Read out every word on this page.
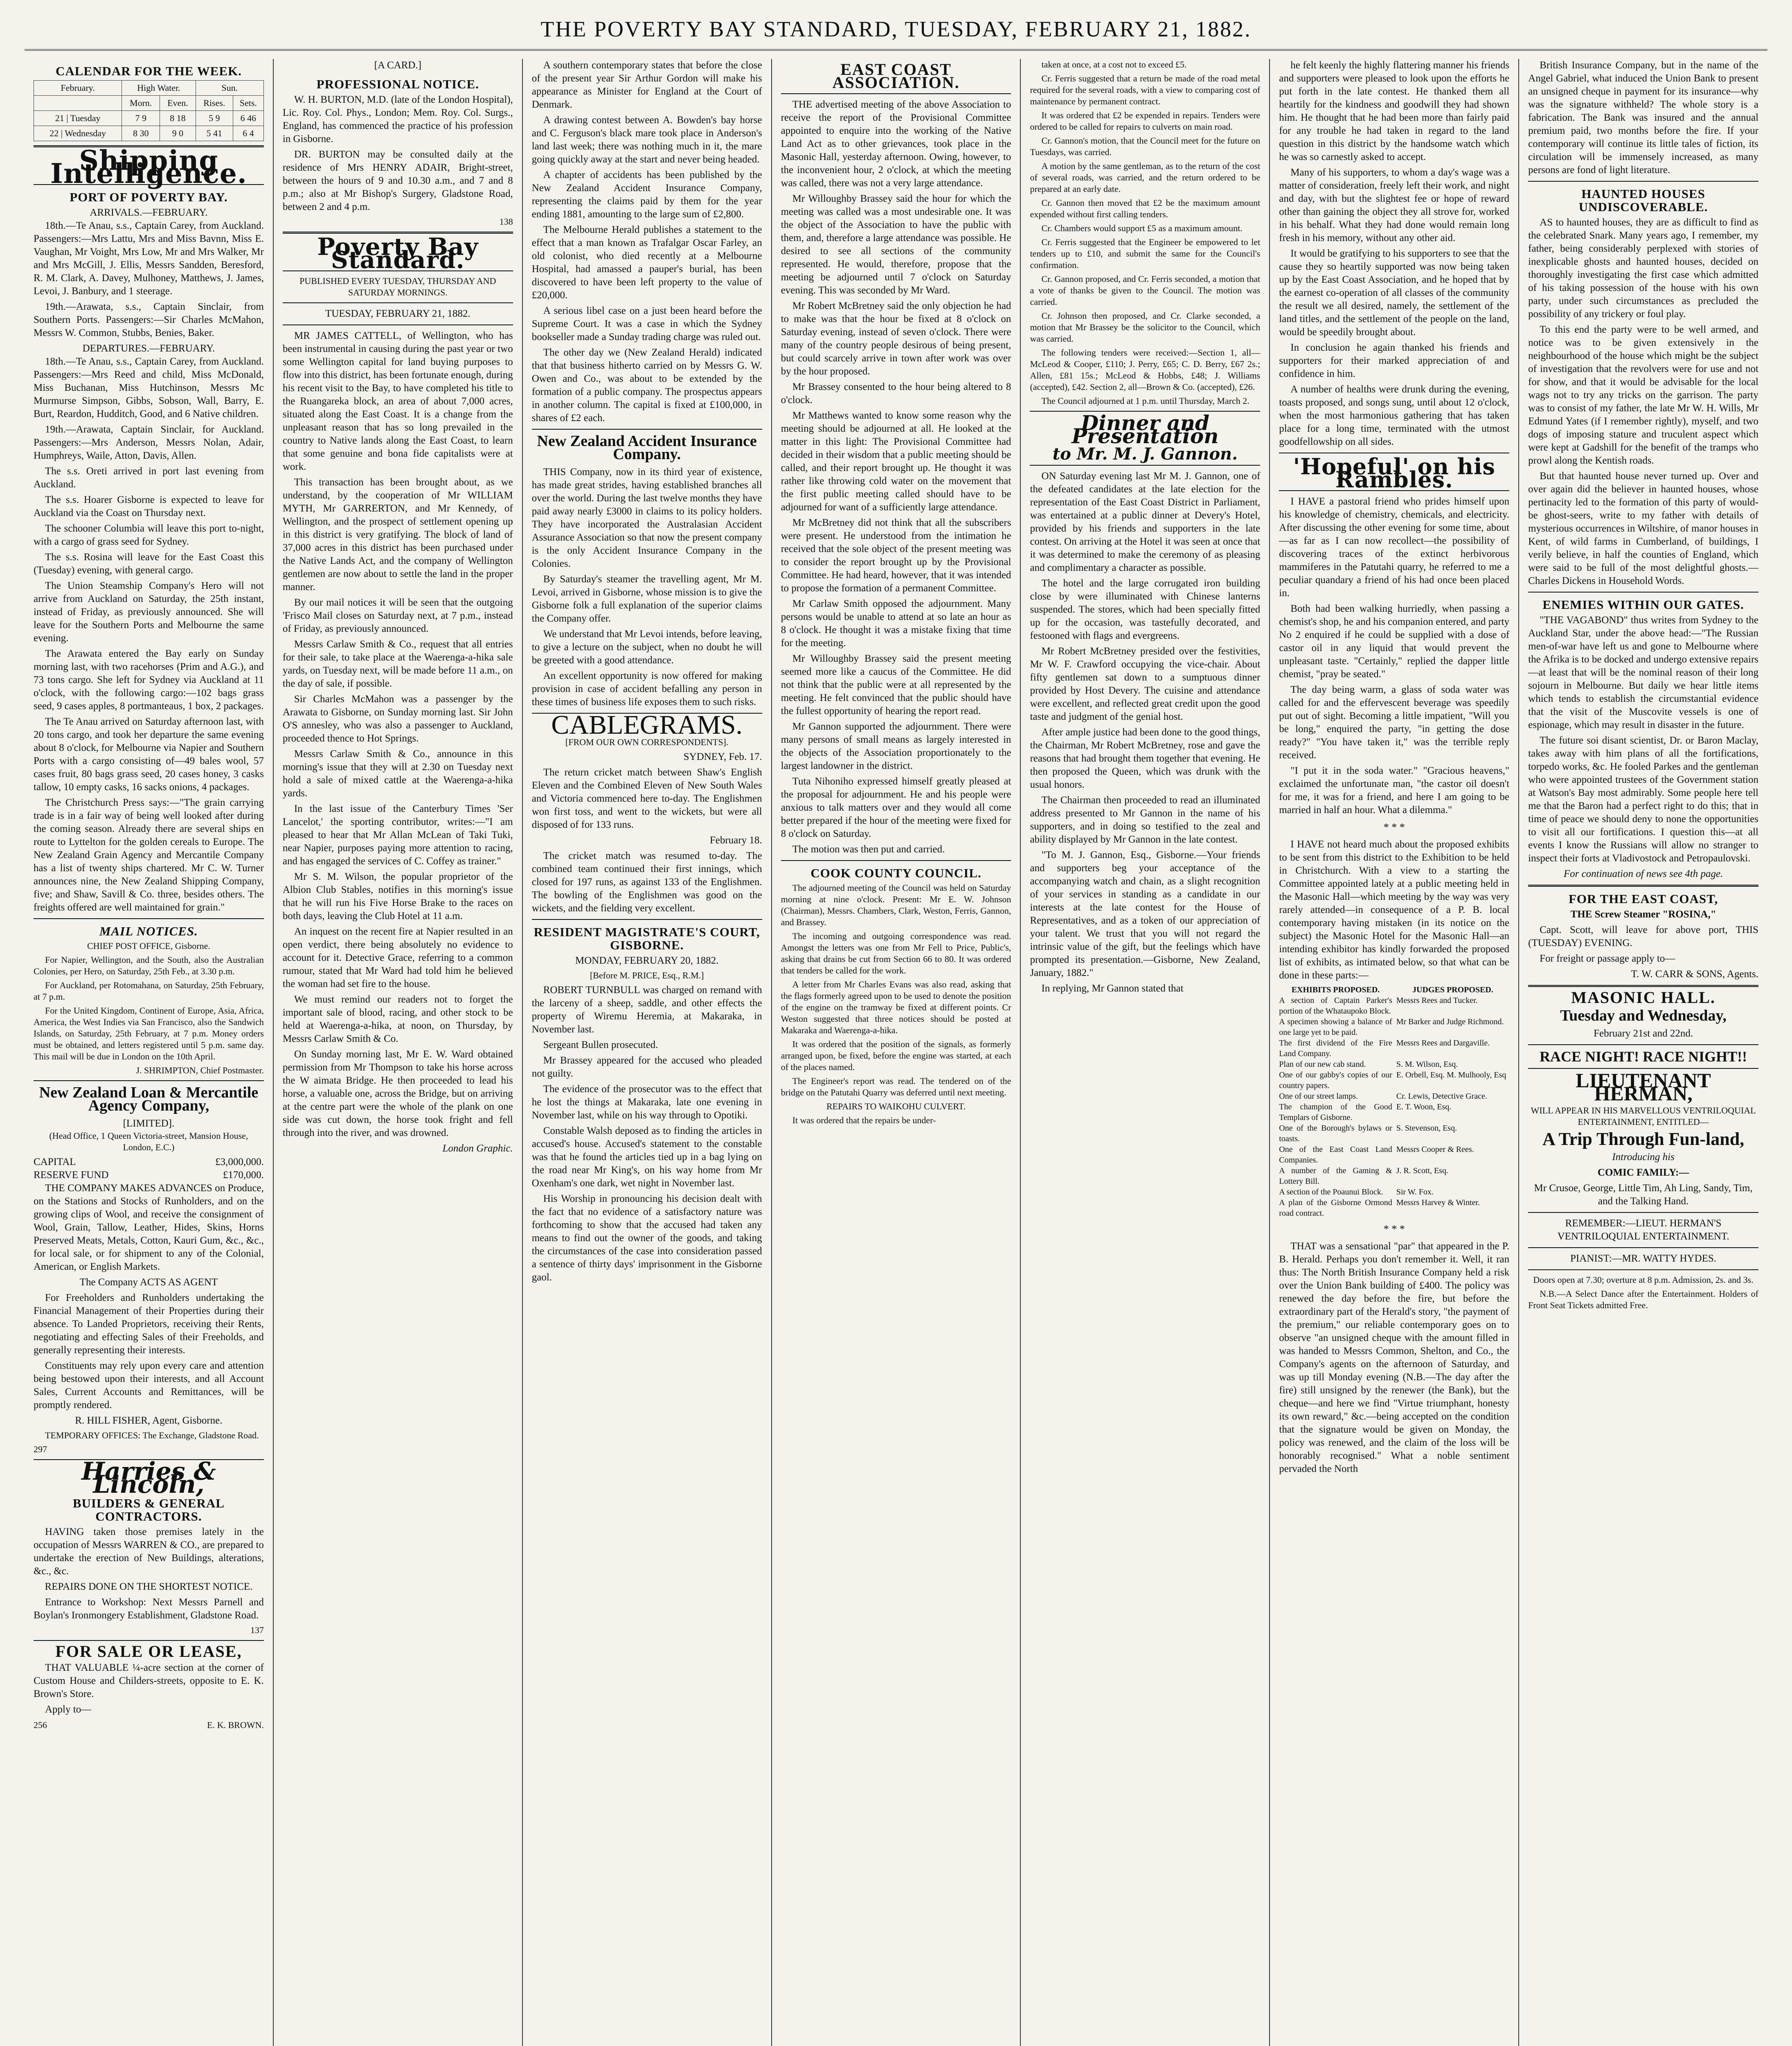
THE POVERTY BAY STANDARD, TUESDAY, FEBRUARY 21, 1882.
CALENDAR FOR THE WEEK.
February.	High Water.		Sun.	
	Morn.	Even.	Rises.	Sets.
21 | Tuesday	7 9	8 18	5 9	6 46
22 | Wednesday	8 30	9 0	5 41	6 4
Shipping Intelligence.
PORT OF POVERTY BAY.
ARRIVALS.—FEBRUARY.

18th.—Te Anau, s.s., Captain Carey, from Auckland. Passengers:—Mrs Lattu, Mrs and Miss Bavnn, Miss E. Vaughan, Mr Voight, Mrs Low, Mr and Mrs Walker, Mr and Mrs McGill, J. Ellis, Messrs Sandden, Beresford, R. M. Clark, A. Davey, Mulhoney, Matthews, J. James, Levoi, J. Banbury, and 1 steerage.

19th.—Arawata, s.s., Captain Sinclair, from Southern Ports. Passengers:—Sir Charles McMahon, Messrs W. Common, Stubbs, Benies, Baker.

DEPARTURES.—FEBRUARY.

18th.—Te Anau, s.s., Captain Carey, from Auckland. Passengers:—Mrs Reed and child, Miss McDonald, Miss Buchanan, Miss Hutchinson, Messrs Mc Murmurse Simpson, Gibbs, Sobson, Wall, Barry, E. Burt, Reardon, Hudditch, Good, and 6 Native children.

19th.—Arawata, Captain Sinclair, for Auckland. Passengers:—Mrs Anderson, Messrs Nolan, Adair, Humphreys, Waile, Atton, Davis, Allen.

The s.s. Oreti arrived in port last evening from Auckland.

The s.s. Hoarer Gisborne is expected to leave for Auckland via the Coast on Thursday next.

The schooner Columbia will leave this port to-night, with a cargo of grass seed for Sydney.

The s.s. Rosina will leave for the East Coast this (Tuesday) evening, with general cargo.

The Union Steamship Company's Hero will not arrive from Auckland on Saturday, the 25th instant, instead of Friday, as previously announced. She will leave for the Southern Ports and Melbourne the same evening.

The Arawata entered the Bay early on Sunday morning last, with two racehorses (Prim and A.G.), and 73 tons cargo. She left for Sydney via Auckland at 11 o'clock, with the following cargo:—102 bags grass seed, 9 cases apples, 8 portmanteaus, 1 box, 2 packages.

The Te Anau arrived on Saturday afternoon last, with 20 tons cargo, and took her departure the same evening about 8 o'clock, for Melbourne via Napier and Southern Ports with a cargo consisting of—49 bales wool, 57 cases fruit, 80 bags grass seed, 20 cases honey, 3 casks tallow, 10 empty casks, 16 sacks onions, 4 packages.

The Christchurch Press says:—"The grain carrying trade is in a fair way of being well looked after during the coming season. Already there are several ships en route to Lyttelton for the golden cereals to Europe. The New Zealand Grain Agency and Mercantile Company has a list of twenty ships chartered. Mr C. W. Turner announces nine, the New Zealand Shipping Company, five; and Shaw, Savill & Co. three, besides others. The freights offered are well maintained for grain."

MAIL NOTICES.

CHIEF POST OFFICE, Gisborne.

For Napier, Wellington, and the South, also the Australian Colonies, per Hero, on Saturday, 25th Feb., at 3.30 p.m.

For Auckland, per Rotomahana, on Saturday, 25th February, at 7 p.m.

For the United Kingdom, Continent of Europe, Asia, Africa, America, the West Indies via San Francisco, also the Sandwich Islands, on Saturday, 25th February, at 7 p.m. Money orders must be obtained, and letters registered until 5 p.m. same day. This mail will be due in London on the 10th April.

J. SHRIMPTON, Chief Postmaster.

New Zealand Loan & Mercantile Agency Company,
[LIMITED].

(Head Office, 1 Queen Victoria-street, Mansion House, London, E.C.)

CAPITAL	£3,000,000.
RESERVE FUND	£170,000.

THE COMPANY MAKES ADVANCES on Produce, on the Stations and Stocks of Runholders, and on the growing clips of Wool, and receive the consignment of Wool, Grain, Tallow, Leather, Hides, Skins, Horns Preserved Meats, Metals, Cotton, Kauri Gum, &c., &c., for local sale, or for shipment to any of the Colonial, American, or English Markets.

The Company ACTS AS AGENT

For Freeholders and Runholders undertaking the Financial Management of their Properties during their absence. To Landed Proprietors, receiving their Rents, negotiating and effecting Sales of their Freeholds, and generally representing their interests.

Constituents may rely upon every care and attention being bestowed upon their interests, and all Account Sales, Current Accounts and Remittances, will be promptly rendered.

R. HILL FISHER, Agent, Gisborne.

TEMPORARY OFFICES: The Exchange, Gladstone Road.

297
Harries & Lincoln,
BUILDERS & GENERAL CONTRACTORS.

HAVING taken those premises lately in the occupation of Messrs WARREN & CO., are prepared to undertake the erection of New Buildings, alterations, &c., &c.

REPAIRS DONE ON THE SHORTEST NOTICE.

Entrance to Workshop: Next Messrs Parnell and Boylan's Ironmongery Establishment, Gladstone Road.

137
FOR SALE OR LEASE,

THAT VALUABLE ¼-acre section at the corner of Custom House and Childers-streets, opposite to E. K. Brown's Store.

Apply to—

256	E. K. BROWN.
[A CARD.]
PROFESSIONAL NOTICE.

W. H. BURTON, M.D. (late of the London Hospital), Lic. Roy. Col. Phys., London; Mem. Roy. Col. Surgs., England, has commenced the practice of his profession in Gisborne.

DR. BURTON may be consulted daily at the residence of Mrs HENRY ADAIR, Bright-street, between the hours of 9 and 10.30 a.m., and 7 and 8 p.m.; also at Mr Bishop's Surgery, Gladstone Road, between 2 and 4 p.m.

138
Poverty Bay Standard.

PUBLISHED EVERY TUESDAY, THURSDAY AND SATURDAY MORNINGS.

TUESDAY, FEBRUARY 21, 1882.

MR JAMES CATTELL, of Wellington, who has been instrumental in causing during the past year or two some Wellington capital for land buying purposes to flow into this district, has been fortunate enough, during his recent visit to the Bay, to have completed his title to the Ruangareka block, an area of about 7,000 acres, situated along the East Coast. It is a change from the unpleasant reason that has so long prevailed in the country to Native lands along the East Coast, to learn that some genuine and bona fide capitalists were at work.

This transaction has been brought about, as we understand, by the cooperation of Mr WILLIAM MYTH, Mr GARRERTON, and Mr Kennedy, of Wellington, and the prospect of settlement opening up in this district is very gratifying. The block of land of 37,000 acres in this district has been purchased under the Native Lands Act, and the company of Wellington gentlemen are now about to settle the land in the proper manner.

By our mail notices it will be seen that the outgoing 'Frisco Mail closes on Saturday next, at 7 p.m., instead of Friday, as previously announced.

Messrs Carlaw Smith & Co., request that all entries for their sale, to take place at the Waerenga-a-hika sale yards, on Tuesday next, will be made before 11 a.m., on the day of sale, if possible.

Sir Charles McMahon was a passenger by the Arawata to Gisborne, on Sunday morning last. Sir John O'S annesley, who was also a passenger to Auckland, proceeded thence to Hot Springs.

Messrs Carlaw Smith & Co., announce in this morning's issue that they will at 2.30 on Tuesday next hold a sale of mixed cattle at the Waerenga-a-hika yards.

In the last issue of the Canterbury Times 'Ser Lancelot,' the sporting contributor, writes:—"I am pleased to hear that Mr Allan McLean of Taki Tuki, near Napier, purposes paying more attention to racing, and has engaged the services of C. Coffey as trainer."

Mr S. M. Wilson, the popular proprietor of the Albion Club Stables, notifies in this morning's issue that he will run his Five Horse Brake to the races on both days, leaving the Club Hotel at 11 a.m.

An inquest on the recent fire at Napier resulted in an open verdict, there being absolutely no evidence to account for it. Detective Grace, referring to a common rumour, stated that Mr Ward had told him he believed the woman had set fire to the house.

We must remind our readers not to forget the important sale of blood, racing, and other stock to be held at Waerenga-a-hika, at noon, on Thursday, by Messrs Carlaw Smith & Co.

On Sunday morning last, Mr E. W. Ward obtained permission from Mr Thompson to take his horse across the W aimata Bridge. He then proceeded to lead his horse, a valuable one, across the Bridge, but on arriving at the centre part were the whole of the plank on one side was cut down, the horse took fright and fell through into the river, and was drowned.

London Graphic.

A southern contemporary states that before the close of the present year Sir Arthur Gordon will make his appearance as Minister for England at the Court of Denmark.

A drawing contest between A. Bowden's bay horse and C. Ferguson's black mare took place in Anderson's land last week; there was nothing much in it, the mare going quickly away at the start and never being headed.

A chapter of accidents has been published by the New Zealand Accident Insurance Company, representing the claims paid by them for the year ending 1881, amounting to the large sum of £2,800.

The Melbourne Herald publishes a statement to the effect that a man known as Trafalgar Oscar Farley, an old colonist, who died recently at a Melbourne Hospital, had amassed a pauper's burial, has been discovered to have been left property to the value of £20,000.

A serious libel case on a just been heard before the Supreme Court. It was a case in which the Sydney bookseller made a Sunday trading charge was ruled out.

The other day we (New Zealand Herald) indicated that that business hitherto carried on by Messrs G. W. Owen and Co., was about to be extended by the formation of a public company. The prospectus appears in another column. The capital is fixed at £100,000, in shares of £2 each.

New Zealand Accident Insurance Company.

THIS Company, now in its third year of existence, has made great strides, having established branches all over the world. During the last twelve months they have paid away nearly £3000 in claims to its policy holders. They have incorporated the Australasian Accident Assurance Association so that now the present company is the only Accident Insurance Company in the Colonies.

By Saturday's steamer the travelling agent, Mr M. Levoi, arrived in Gisborne, whose mission is to give the Gisborne folk a full explanation of the superior claims the Company offer.

We understand that Mr Levoi intends, before leaving, to give a lecture on the subject, when no doubt he will be greeted with a good attendance.

An excellent opportunity is now offered for making provision in case of accident befalling any person in these times of business life exposes them to such risks.

CABLEGRAMS.

[FROM OUR OWN CORRESPONDENTS].

SYDNEY, Feb. 17.

The return cricket match between Shaw's English Eleven and the Combined Eleven of New South Wales and Victoria commenced here to-day. The Englishmen won first toss, and went to the wickets, but were all disposed of for 133 runs.

February 18.

The cricket match was resumed to-day. The combined team continued their first innings, which closed for 197 runs, as against 133 of the Englishmen. The bowling of the Englishmen was good on the wickets, and the fielding very excellent.

RESIDENT MAGISTRATE'S COURT, GISBORNE.

MONDAY, FEBRUARY 20, 1882.

[Before M. PRICE, Esq., R.M.]

ROBERT TURNBULL was charged on remand with the larceny of a sheep, saddle, and other effects the property of Wiremu Heremia, at Makaraka, in November last.

Sergeant Bullen prosecuted.

Mr Brassey appeared for the accused who pleaded not guilty.

The evidence of the prosecutor was to the effect that he lost the things at Makaraka, late one evening in November last, while on his way through to Opotiki.

Constable Walsh deposed as to finding the articles in accused's house. Accused's statement to the constable was that he found the articles tied up in a bag lying on the road near Mr King's, on his way home from Mr Oxenham's one dark, wet night in November last.

His Worship in pronouncing his decision dealt with the fact that no evidence of a satisfactory nature was forthcoming to show that the accused had taken any means to find out the owner of the goods, and taking the circumstances of the case into consideration passed a sentence of thirty days' imprisonment in the Gisborne gaol.

EAST COAST ASSOCIATION.

THE advertised meeting of the above Association to receive the report of the Provisional Committee appointed to enquire into the working of the Native Land Act as to other grievances, took place in the Masonic Hall, yesterday afternoon. Owing, however, to the inconvenient hour, 2 o'clock, at which the meeting was called, there was not a very large attendance.

Mr Willoughby Brassey said the hour for which the meeting was called was a most undesirable one. It was the object of the Association to have the public with them, and, therefore a large attendance was possible. He desired to see all sections of the community represented. He would, therefore, propose that the meeting be adjourned until 7 o'clock on Saturday evening. This was seconded by Mr Ward.

Mr Robert McBretney said the only objection he had to make was that the hour be fixed at 8 o'clock on Saturday evening, instead of seven o'clock. There were many of the country people desirous of being present, but could scarcely arrive in town after work was over by the hour proposed.

Mr Brassey consented to the hour being altered to 8 o'clock.

Mr Matthews wanted to know some reason why the meeting should be adjourned at all. He looked at the matter in this light: The Provisional Committee had decided in their wisdom that a public meeting should be called, and their report brought up. He thought it was rather like throwing cold water on the movement that the first public meeting called should have to be adjourned for want of a sufficiently large attendance.

Mr McBretney did not think that all the subscribers were present. He understood from the intimation he received that the sole object of the present meeting was to consider the report brought up by the Provisional Committee. He had heard, however, that it was intended to propose the formation of a permanent Committee.

Mr Carlaw Smith opposed the adjournment. Many persons would be unable to attend at so late an hour as 8 o'clock. He thought it was a mistake fixing that time for the meeting.

Mr Willoughby Brassey said the present meeting seemed more like a caucus of the Committee. He did not think that the public were at all represented by the meeting. He felt convinced that the public should have the fullest opportunity of hearing the report read.

Mr Gannon supported the adjournment. There were many persons of small means as largely interested in the objects of the Association proportionately to the largest landowner in the district.

Tuta Nihoniho expressed himself greatly pleased at the proposal for adjournment. He and his people were anxious to talk matters over and they would all come better prepared if the hour of the meeting were fixed for 8 o'clock on Saturday.

The motion was then put and carried.

COOK COUNTY COUNCIL.

The adjourned meeting of the Council was held on Saturday morning at nine o'clock. Present: Mr E. W. Johnson (Chairman), Messrs. Chambers, Clark, Weston, Ferris, Gannon, and Brassey.

The incoming and outgoing correspondence was read. Amongst the letters was one from Mr Fell to Price, Public's, asking that drains be cut from Section 66 to 80. It was ordered that tenders be called for the work.

A letter from Mr Charles Evans was also read, asking that the flags formerly agreed upon to be used to denote the position of the engine on the tramway be fixed at different points. Cr Weston suggested that three notices should be posted at Makaraka and Waerenga-a-hika.

It was ordered that the position of the signals, as formerly arranged upon, be fixed, before the engine was started, at each of the places named.

The Engineer's report was read. The tendered on of the bridge on the Patutahi Quarry was deferred until next meeting.

REPAIRS TO WAIKOHU CULVERT.

It was ordered that the repairs be under-

taken at once, at a cost not to exceed £5.

Cr. Ferris suggested that a return be made of the road metal required for the several roads, with a view to comparing cost of maintenance by permanent contract.

It was ordered that £2 be expended in repairs. Tenders were ordered to be called for repairs to culverts on main road.

Cr. Gannon's motion, that the Council meet for the future on Tuesdays, was carried.

A motion by the same gentleman, as to the return of the cost of several roads, was carried, and the return ordered to be prepared at an early date.

Cr. Gannon then moved that £2 be the maximum amount expended without first calling tenders.

Cr. Chambers would support £5 as a maximum amount.

Cr. Ferris suggested that the Engineer be empowered to let tenders up to £10, and submit the same for the Council's confirmation.

Cr. Gannon proposed, and Cr. Ferris seconded, a motion that a vote of thanks be given to the Council. The motion was carried.

Cr. Johnson then proposed, and Cr. Clarke seconded, a motion that Mr Brassey be the solicitor to the Council, which was carried.

The following tenders were received:—Section 1, all—McLeod & Cooper, £110; J. Perry, £65; C. D. Berry, £67 2s.; Allen, £81 15s.; McLeod & Hobbs, £48; J. Williams (accepted), £42. Section 2, all—Brown & Co. (accepted), £26.

The Council adjourned at 1 p.m. until Thursday, March 2.

Dinner and Presentation
to Mr. M. J. Gannon.

ON Saturday evening last Mr M. J. Gannon, one of the defeated candidates at the late election for the representation of the East Coast District in Parliament, was entertained at a public dinner at Devery's Hotel, provided by his friends and supporters in the late contest. On arriving at the Hotel it was seen at once that it was determined to make the ceremony of as pleasing and complimentary a character as possible.

The hotel and the large corrugated iron building close by were illuminated with Chinese lanterns suspended. The stores, which had been specially fitted up for the occasion, was tastefully decorated, and festooned with flags and evergreens.

Mr Robert McBretney presided over the festivities, Mr W. F. Crawford occupying the vice-chair. About fifty gentlemen sat down to a sumptuous dinner provided by Host Devery. The cuisine and attendance were excellent, and reflected great credit upon the good taste and judgment of the genial host.

After ample justice had been done to the good things, the Chairman, Mr Robert McBretney, rose and gave the reasons that had brought them together that evening. He then proposed the Queen, which was drunk with the usual honors.

The Chairman then proceeded to read an illuminated address presented to Mr Gannon in the name of his supporters, and in doing so testified to the zeal and ability displayed by Mr Gannon in the late contest.

"To M. J. Gannon, Esq., Gisborne.—Your friends and supporters beg your acceptance of the accompanying watch and chain, as a slight recognition of your services in standing as a candidate in our interests at the late contest for the House of Representatives, and as a token of our appreciation of your talent. We trust that you will not regard the intrinsic value of the gift, but the feelings which have prompted its presentation.—Gisborne, New Zealand, January, 1882."

In replying, Mr Gannon stated that

he felt keenly the highly flattering manner his friends and supporters were pleased to look upon the efforts he put forth in the late contest. He thanked them all heartily for the kindness and goodwill they had shown him. He thought that he had been more than fairly paid for any trouble he had taken in regard to the land question in this district by the handsome watch which he was so carnestly asked to accept.

Many of his supporters, to whom a day's wage was a matter of consideration, freely left their work, and night and day, with but the slightest fee or hope of reward other than gaining the object they all strove for, worked in his behalf. What they had done would remain long fresh in his memory, without any other aid.

It would be gratifying to his supporters to see that the cause they so heartily supported was now being taken up by the East Coast Association, and he hoped that by the earnest co-operation of all classes of the community the result we all desired, namely, the settlement of the land titles, and the settlement of the people on the land, would be speedily brought about.

In conclusion he again thanked his friends and supporters for their marked appreciation of and confidence in him.

A number of healths were drunk during the evening, toasts proposed, and songs sung, until about 12 o'clock, when the most harmonious gathering that has taken place for a long time, terminated with the utmost goodfellowship on all sides.

'Hopeful' on his Rambles.

I HAVE a pastoral friend who prides himself upon his knowledge of chemistry, chemicals, and electricity. After discussing the other evening for some time, about—as far as I can now recollect—the possibility of discovering traces of the extinct herbivorous mammiferes in the Patutahi quarry, he referred to me a peculiar quandary a friend of his had once been placed in.

Both had been walking hurriedly, when passing a chemist's shop, he and his companion entered, and party No 2 enquired if he could be supplied with a dose of castor oil in any liquid that would prevent the unpleasant taste. "Certainly," replied the dapper little chemist, "pray be seated."

The day being warm, a glass of soda water was called for and the effervescent beverage was speedily put out of sight. Becoming a little impatient, "Will you be long," enquired the party, "in getting the dose ready?" "You have taken it," was the terrible reply received.

"I put it in the soda water." "Gracious heavens," exclaimed the unfortunate man, "the castor oil doesn't for me, it was for a friend, and here I am going to be married in half an hour. What a dilemma."

* * *

I HAVE not heard much about the proposed exhibits to be sent from this district to the Exhibition to be held in Christchurch. With a view to a starting the Committee appointed lately at a public meeting held in the Masonic Hall—which meeting by the way was very rarely attended—in consequence of a P. B. local contemporary having mistaken (in its notice on the subject) the Masonic Hotel for the Masonic Hall—an intending exhibitor has kindly forwarded the proposed list of exhibits, as intimated below, so that what can be done in these parts:—

EXHIBITS PROPOSED.	JUDGES PROPOSED.
A section of Captain Parker's portion of the Whataupoko Block.
Messrs Rees and Tucker.
A specimen showing a balance of one large yet to be paid.
Mr Barker and Judge Richmond.
The first dividend of the Fire Land Company.
Messrs Rees and Dargaville.
Plan of our new cab stand.	S. M. Wilson, Esq.
One of our gabby's copies of our country papers.
E. Orbell, Esq. M. Mulhooly, Esq
One of our street lamps.	Cr. Lewis, Detective Grace.
The champion of the Good Templars of Gisborne.
E. T. Woon, Esq.
One of the Borough's bylaws or toasts.
S. Stevenson, Esq.
One of the East Coast Land Companies.
Messrs Cooper & Rees.
A number of the Gaming & Lottery Bill.
J. R. Scott, Esq.
A section of the Poaunui Block.	Sir W. Fox.
A plan of the Gisborne Ormond road contract.
Messrs Harvey & Winter.
* * *

THAT was a sensational "par" that appeared in the P. B. Herald. Perhaps you don't remember it. Well, it ran thus: The North British Insurance Company held a risk over the Union Bank building of £400. The policy was renewed the day before the fire, but before the extraordinary part of the Herald's story, "the payment of the premium," our reliable contemporary goes on to observe "an unsigned cheque with the amount filled in was handed to Messrs Common, Shelton, and Co., the Company's agents on the afternoon of Saturday, and was up till Monday evening (N.B.—The day after the fire) still unsigned by the renewer (the Bank), but the cheque—and here we find "Virtue triumphant, honesty its own reward," &c.—being accepted on the condition that the signature would be given on Monday, the policy was renewed, and the claim of the loss will be honorably recognised." What a noble sentiment pervaded the North

British Insurance Company, but in the name of the Angel Gabriel, what induced the Union Bank to present an unsigned cheque in payment for its insurance—why was the signature withheld? The whole story is a fabrication. The Bank was insured and the annual premium paid, two months before the fire. If your contemporary will continue its little tales of fiction, its circulation will be immensely increased, as many persons are fond of light literature.

HAUNTED HOUSES UNDISCOVERABLE.

AS to haunted houses, they are as difficult to find as the celebrated Snark. Many years ago, I remember, my father, being considerably perplexed with stories of inexplicable ghosts and haunted houses, decided on thoroughly investigating the first case which admitted of his taking possession of the house with his own party, under such circumstances as precluded the possibility of any trickery or foul play.

To this end the party were to be well armed, and notice was to be given extensively in the neighbourhood of the house which might be the subject of investigation that the revolvers were for use and not for show, and that it would be advisable for the local wags not to try any tricks on the garrison. The party was to consist of my father, the late Mr W. H. Wills, Mr Edmund Yates (if I remember rightly), myself, and two dogs of imposing stature and truculent aspect which were kept at Gadshill for the benefit of the tramps who prowl along the Kentish roads.

But that haunted house never turned up. Over and over again did the believer in haunted houses, whose pertinacity led to the formation of this party of would-be ghost-seers, write to my father with details of mysterious occurrences in Wiltshire, of manor houses in Kent, of wild farms in Cumberland, of buildings, I verily believe, in half the counties of England, which were said to be full of the most delightful ghosts.—Charles Dickens in Household Words.

ENEMIES WITHIN OUR GATES.

"THE VAGABOND" thus writes from Sydney to the Auckland Star, under the above head:—"The Russian men-of-war have left us and gone to Melbourne where the Afrika is to be docked and undergo extensive repairs—at least that will be the nominal reason of their long sojourn in Melbourne. But daily we hear little items which tends to establish the circumstantial evidence that the visit of the Muscovite vessels is one of espionage, which may result in disaster in the future.

The future soi disant scientist, Dr. or Baron Maclay, takes away with him plans of all the fortifications, torpedo works, &c. He fooled Parkes and the gentleman who were appointed trustees of the Government station at Watson's Bay most admirably. Some people here tell me that the Baron had a perfect right to do this; that in time of peace we should deny to none the opportunities to visit all our fortifications. I question this—at all events I know the Russians will allow no stranger to inspect their forts at Vladivostock and Petropaulovski.

For continuation of news see 4th page.

FOR THE EAST COAST,

THE Screw Steamer "ROSINA,"

Capt. Scott, will leave for above port, THIS (TUESDAY) EVENING.

For freight or passage apply to—

T. W. CARR & SONS, Agents.

MASONIC HALL.
Tuesday and Wednesday,

February 21st and 22nd.

RACE NIGHT! RACE NIGHT!!
LIEUTENANT HERMAN,

WILL APPEAR IN HIS MARVELLOUS VENTRILOQUIAL ENTERTAINMENT, ENTITLED—

A Trip Through Fun-land,

Introducing his

COMIC FAMILY:—

Mr Crusoe, George, Little Tim, Ah Ling, Sandy, Tim, and the Talking Hand.

REMEMBER:—LIEUT. HERMAN'S VENTRILOQUIAL ENTERTAINMENT.

PIANIST:—MR. WATTY HYDES.

Doors open at 7.30; overture at 8 p.m. Admission, 2s. and 3s.

N.B.—A Select Dance after the Entertainment. Holders of Front Seat Tickets admitted Free.
